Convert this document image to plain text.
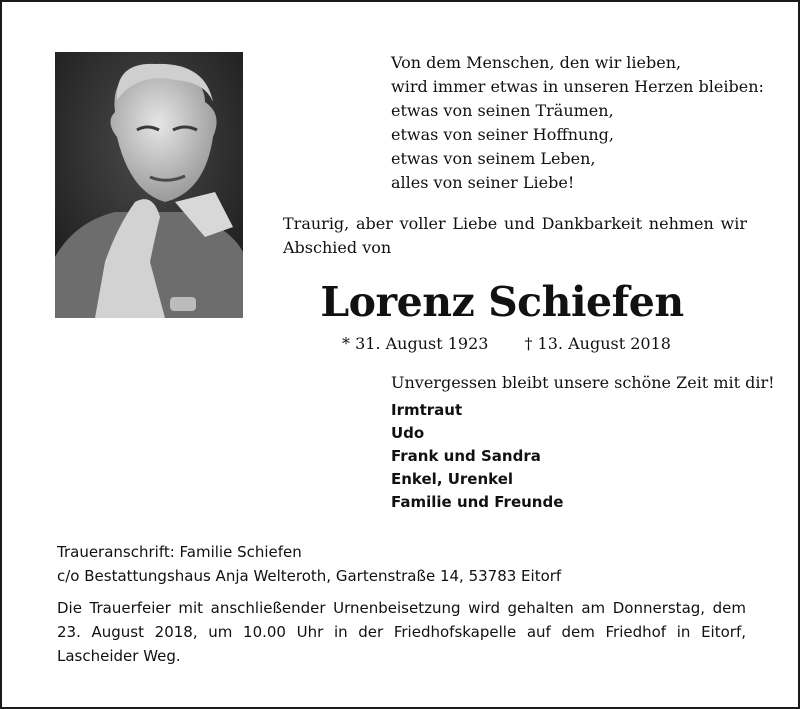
Von dem Menschen, den wir lieben,
wird immer etwas in unseren Herzen bleiben:
etwas von seinen Träumen,
etwas von seiner Hoffnung,
etwas von seinem Leben,
alles von seiner Liebe!
Traurig, aber voller Liebe und Dankbarkeit nehmen wir Abschied von
Lorenz Schiefen
* 31. August 1923 † 13. August 2018
Unvergessen bleibt unsere schöne Zeit mit dir!
Irmtraut
Udo
Frank und Sandra
Enkel, Urenkel
Familie und Freunde
Traueranschrift: Familie Schiefen
c/o Bestattungshaus Anja Welteroth, Gartenstraße 14, 53783 Eitorf
Die Trauerfeier mit anschließender Urnenbeisetzung wird gehalten am Donnerstag, dem 23. August 2018, um 10.00 Uhr in der Friedhofskapelle auf dem Friedhof in Eitorf, Lascheider Weg.
